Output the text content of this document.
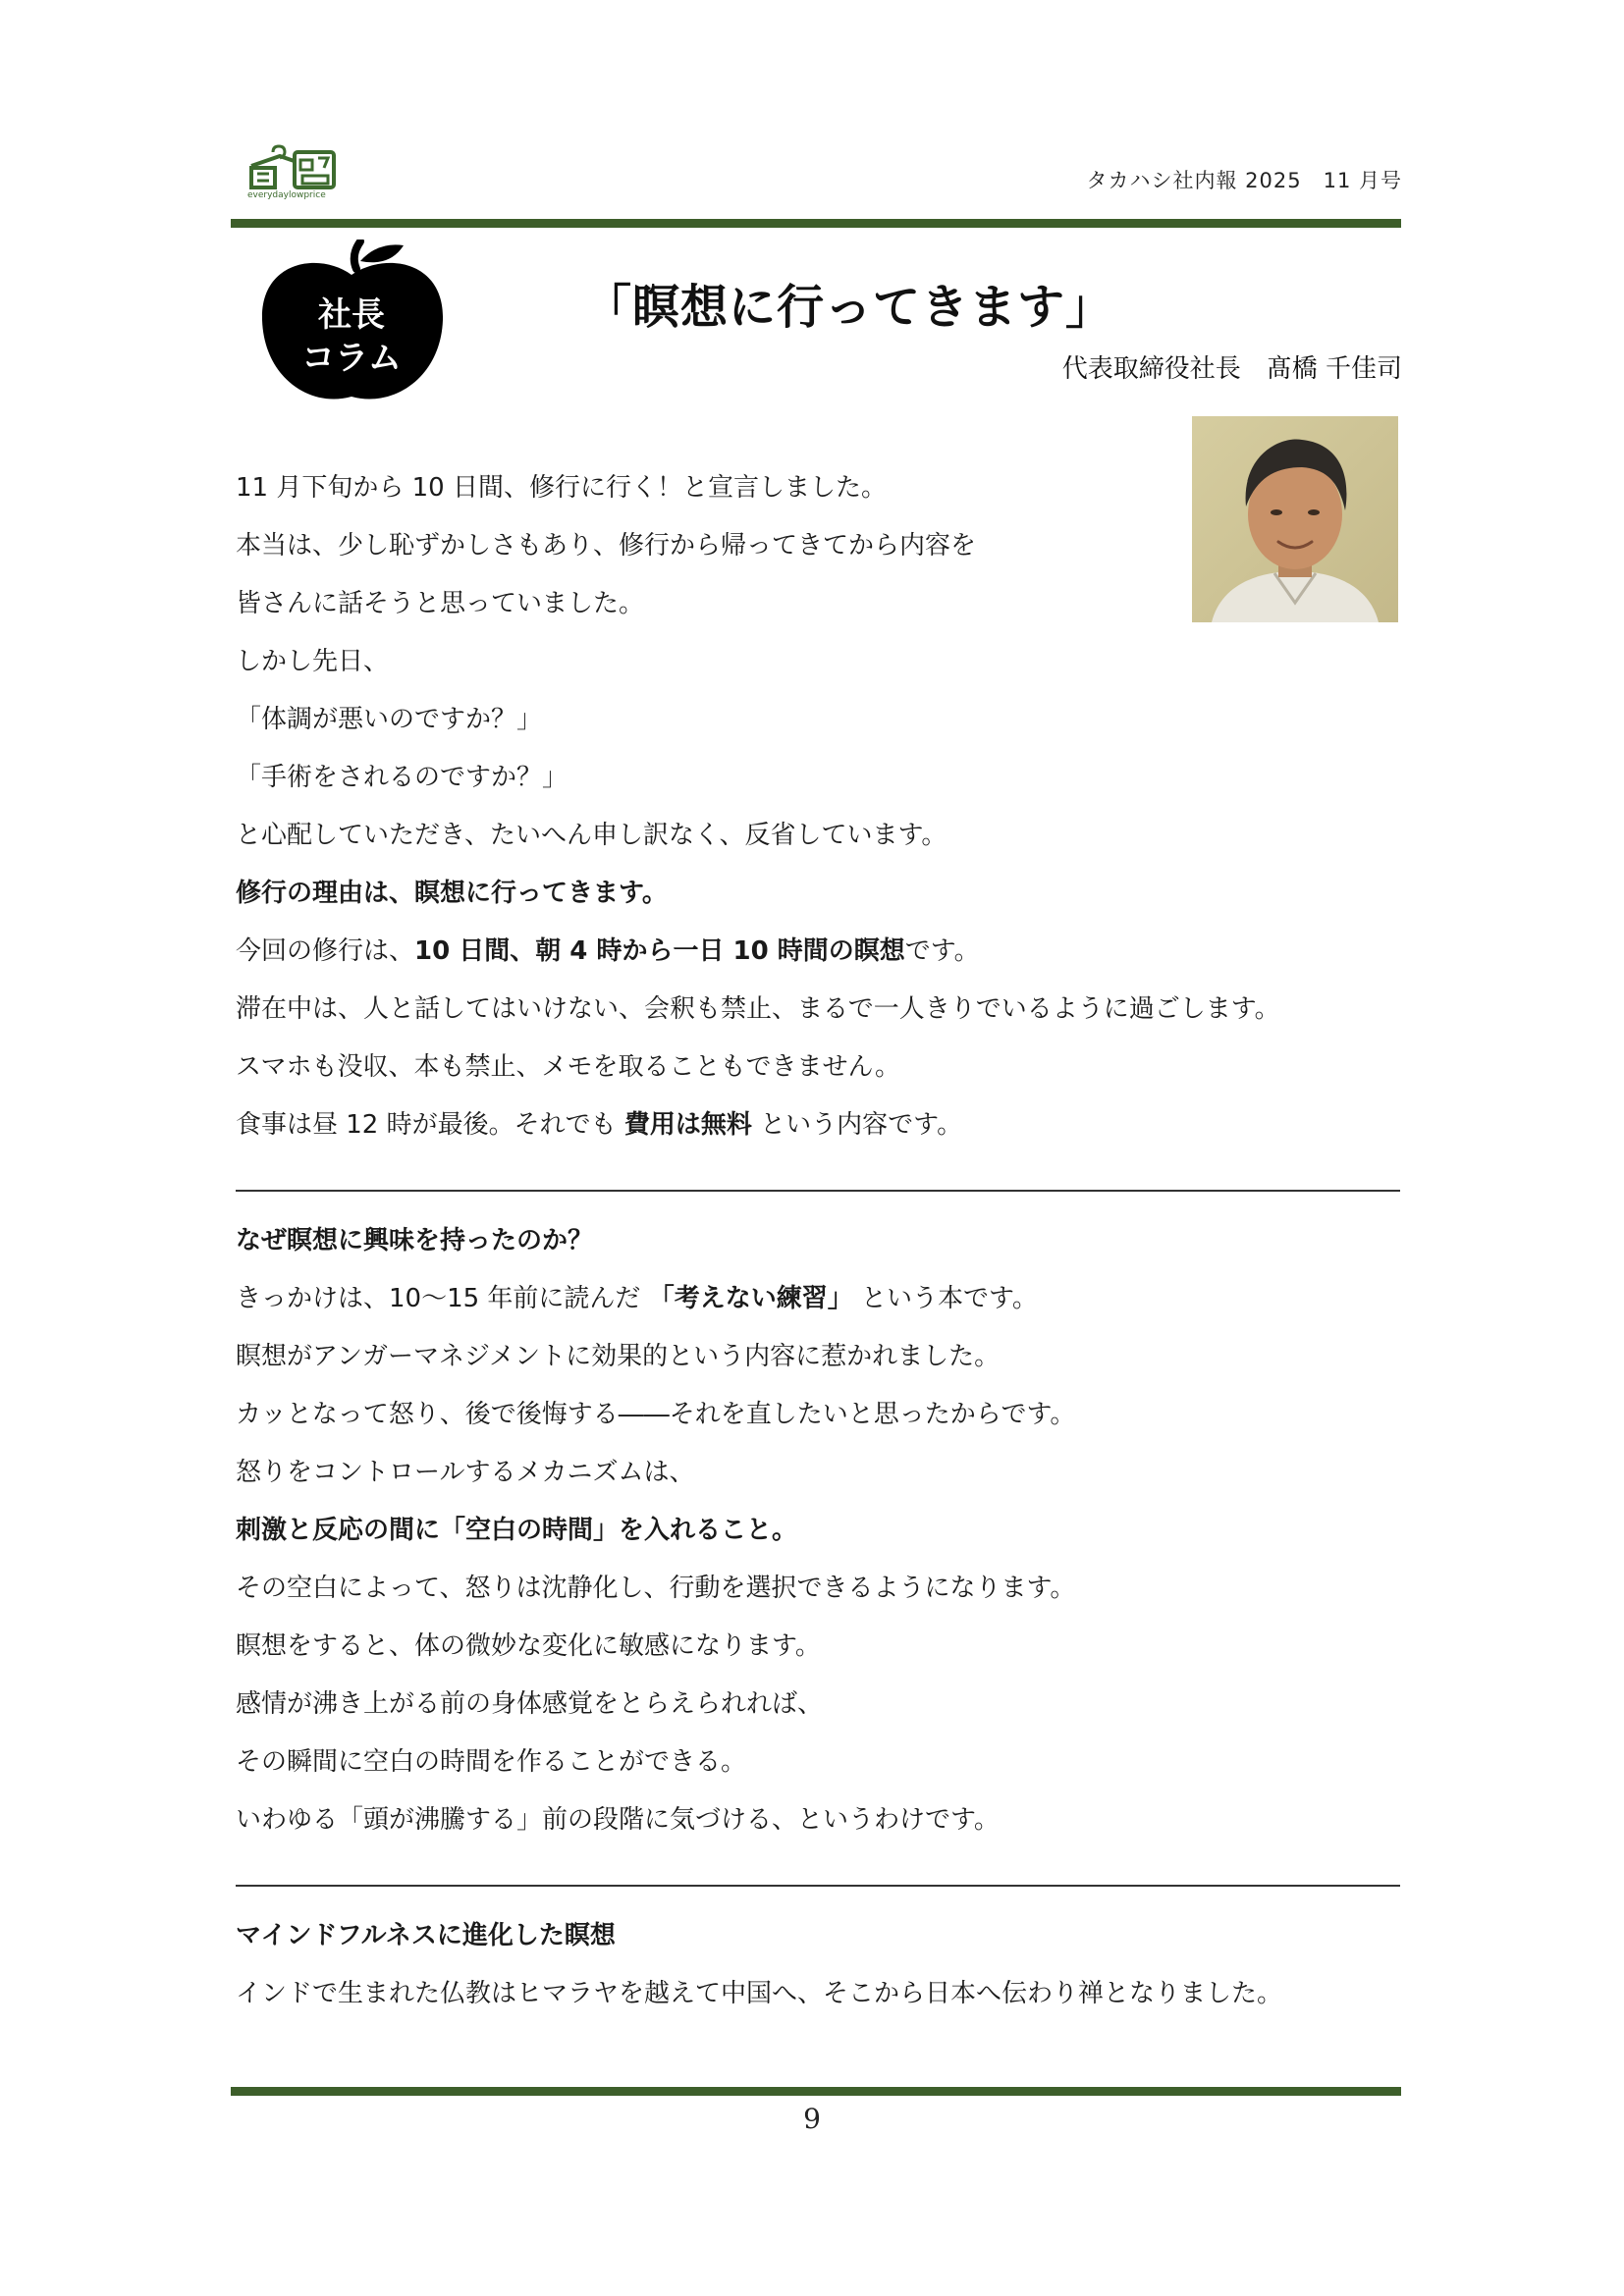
everydaylowprice
タカハシ社内報 2025　11 月号
社長
コラム
「瞑想に行ってきます」
代表取締役社長　髙橋 千佳司
11 月下旬から 10 日間、修行に行く！と宣言しました。
本当は、少し恥ずかしさもあり、修行から帰ってきてから内容を
皆さんに話そうと思っていました。
しかし先日、
「体調が悪いのですか？」
「手術をされるのですか？」
と心配していただき、たいへん申し訳なく、反省しています。
修行の理由は、瞑想に行ってきます。
今回の修行は、10 日間、朝 4 時から一日 10 時間の瞑想です。
滞在中は、人と話してはいけない、会釈も禁止、まるで一人きりでいるように過ごします。
スマホも没収、本も禁止、メモを取ることもできません。
食事は昼 12 時が最後。それでも 費用は無料 という内容です。
なぜ瞑想に興味を持ったのか？
きっかけは、10～15 年前に読んだ 「考えない練習」 という本です。
瞑想がアンガーマネジメントに効果的という内容に惹かれました。
カッとなって怒り、後で後悔する――それを直したいと思ったからです。
怒りをコントロールするメカニズムは、
刺激と反応の間に「空白の時間」を入れること。
その空白によって、怒りは沈静化し、行動を選択できるようになります。
瞑想をすると、体の微妙な変化に敏感になります。
感情が沸き上がる前の身体感覚をとらえられれば、
その瞬間に空白の時間を作ることができる。
いわゆる「頭が沸騰する」前の段階に気づける、というわけです。
マインドフルネスに進化した瞑想
インドで生まれた仏教はヒマラヤを越えて中国へ、そこから日本へ伝わり禅となりました。
9
